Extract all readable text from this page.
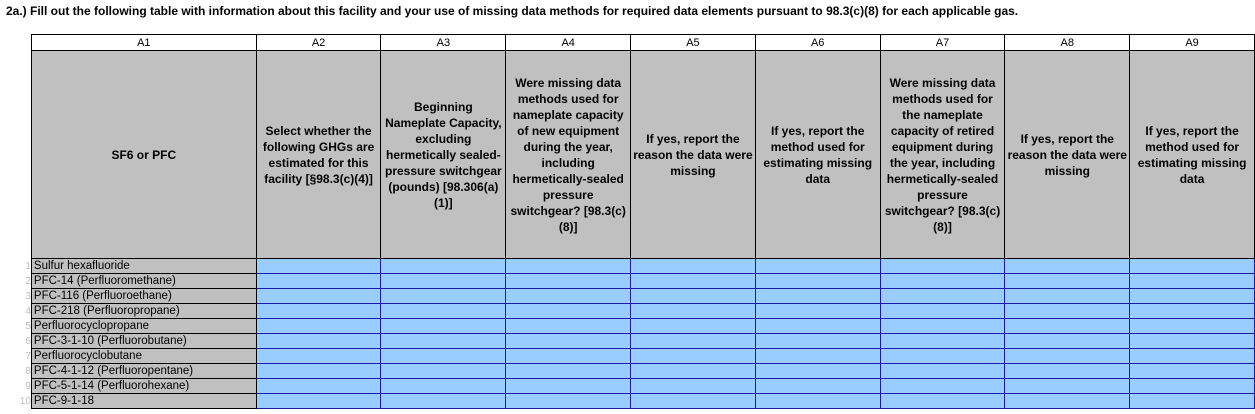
2a.) Fill out the following table with information about this facility and your use of missing data methods for required data elements pursuant to 98.3(c)(8) for each applicable gas.
	A1	A2	A3	A4	A5	A6	A7	A8	A9
	SF6 or PFC	Select whether the following GHGs are estimated for this facility [§98.3(c)(4)]	Beginning Nameplate Capacity, excluding hermetically sealed-pressure switchgear (pounds) [98.306(a)(1)]	Were missing data methods used for nameplate capacity of new equipment during the year, including hermetically-sealed pressure switchgear? [98.3(c)(8)]	If yes, report the reason the data were missing	If yes, report the method used for estimating missing data	Were missing data methods used for the nameplate capacity of retired equipment during the year, including hermetically-sealed pressure switchgear? [98.3(c)(8)]	If yes, report the reason the data were missing	If yes, report the method used for estimating missing data
1	Sulfur hexafluoride								
2	PFC-14 (Perfluoromethane)								
3	PFC-116 (Perfluoroethane)								
4	PFC-218 (Perfluoropropane)								
5	Perfluorocyclopropane								
6	PFC-3-1-10 (Perfluorobutane)								
7	Perfluorocyclobutane								
8	PFC-4-1-12 (Perfluoropentane)								
9	PFC-5-1-14 (Perfluorohexane)								
10	PFC-9-1-18								
